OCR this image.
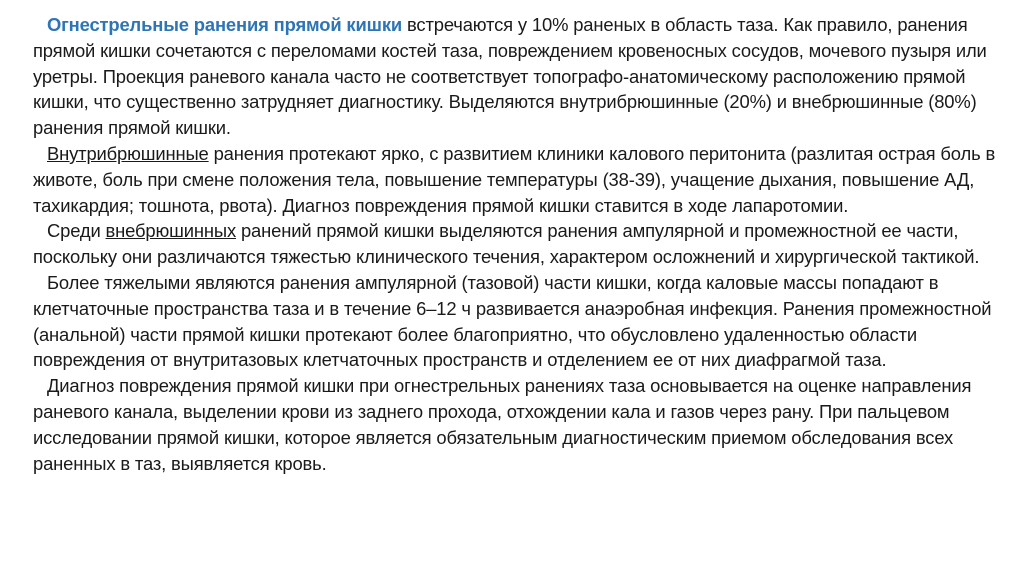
Огнестрельные ранения прямой кишки встречаются у 10% раненых в область таза. Как правило, ранения прямой кишки сочетаются с переломами костей таза, повреждением кровеносных сосудов, мочевого пузыря или уретры. Проекция раневого канала часто не соответствует топографо-анатомическому расположению прямой кишки, что существенно затрудняет диагностику. Выделяются внутрибрюшинные (20%) и внебрюшинные (80%) ранения прямой кишки.

Внутрибрюшинные ранения протекают ярко, с развитием клиники калового перитонита (разлитая острая боль в животе, боль при смене положения тела, повышение температуры (38-39), учащение дыхания, повышение АД, тахикардия; тошнота, рвота). Диагноз повреждения прямой кишки ставится в ходе лапаротомии.

Среди внебрюшинных ранений прямой кишки выделяются ранения ампулярной и промежностной ее части, поскольку они различаются тяжестью клинического течения, характером осложнений и хирургической тактикой.

Более тяжелыми являются ранения ампулярной (тазовой) части кишки, когда каловые массы попадают в клетчаточные пространства таза и в течение 6–12 ч развивается анаэробная инфекция. Ранения промежностной (анальной) части прямой кишки протекают более благоприятно, что обусловлено удаленностью области повреждения от внутритазовых клетчаточных пространств и отделением ее от них диафрагмой таза.

Диагноз повреждения прямой кишки при огнестрельных ранениях таза основывается на оценке направления раневого канала, выделении крови из заднего прохода, отхождении кала и газов через рану. При пальцевом исследовании прямой кишки, которое является обязательным диагностическим приемом обследования всех раненных в таз, выявляется кровь.
